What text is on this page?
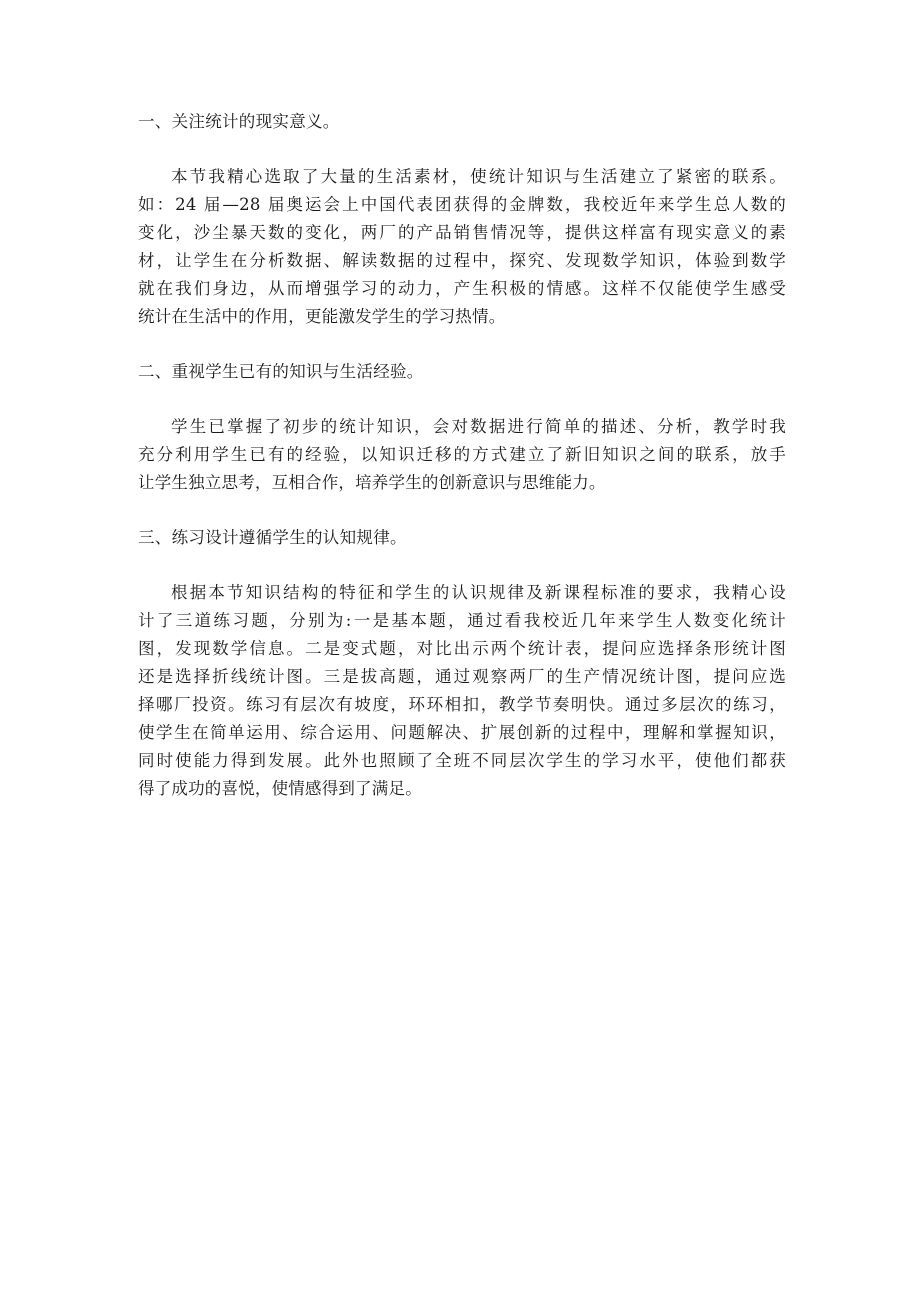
一、关注统计的现实意义。

本节我精心选取了大量的生活素材，使统计知识与生活建立了紧密的联系。
如：24 届—28 届奥运会上中国代表团获得的金牌数，我校近年来学生总人数的
变化，沙尘暴天数的变化，两厂的产品销售情况等，提供这样富有现实意义的素
材，让学生在分析数据、解读数据的过程中，探究、发现数学知识，体验到数学
就在我们身边，从而增强学习的动力，产生积极的情感。这样不仅能使学生感受
统计在生活中的作用，更能激发学生的学习热情。

二、重视学生已有的知识与生活经验。

学生已掌握了初步的统计知识，会对数据进行简单的描述、分析，教学时我
充分利用学生已有的经验，以知识迁移的方式建立了新旧知识之间的联系，放手
让学生独立思考，互相合作，培养学生的创新意识与思维能力。

三、练习设计遵循学生的认知规律。

根据本节知识结构的特征和学生的认识规律及新课程标准的要求，我精心设
计了三道练习题，分别为:一是基本题，通过看我校近几年来学生人数变化统计
图，发现数学信息。二是变式题，对比出示两个统计表，提问应选择条形统计图
还是选择折线统计图。三是拔高题，通过观察两厂的生产情况统计图，提问应选
择哪厂投资。练习有层次有坡度，环环相扣，教学节奏明快。通过多层次的练习，
使学生在简单运用、综合运用、问题解决、扩展创新的过程中，理解和掌握知识，
同时使能力得到发展。此外也照顾了全班不同层次学生的学习水平，使他们都获
得了成功的喜悦，使情感得到了满足。
